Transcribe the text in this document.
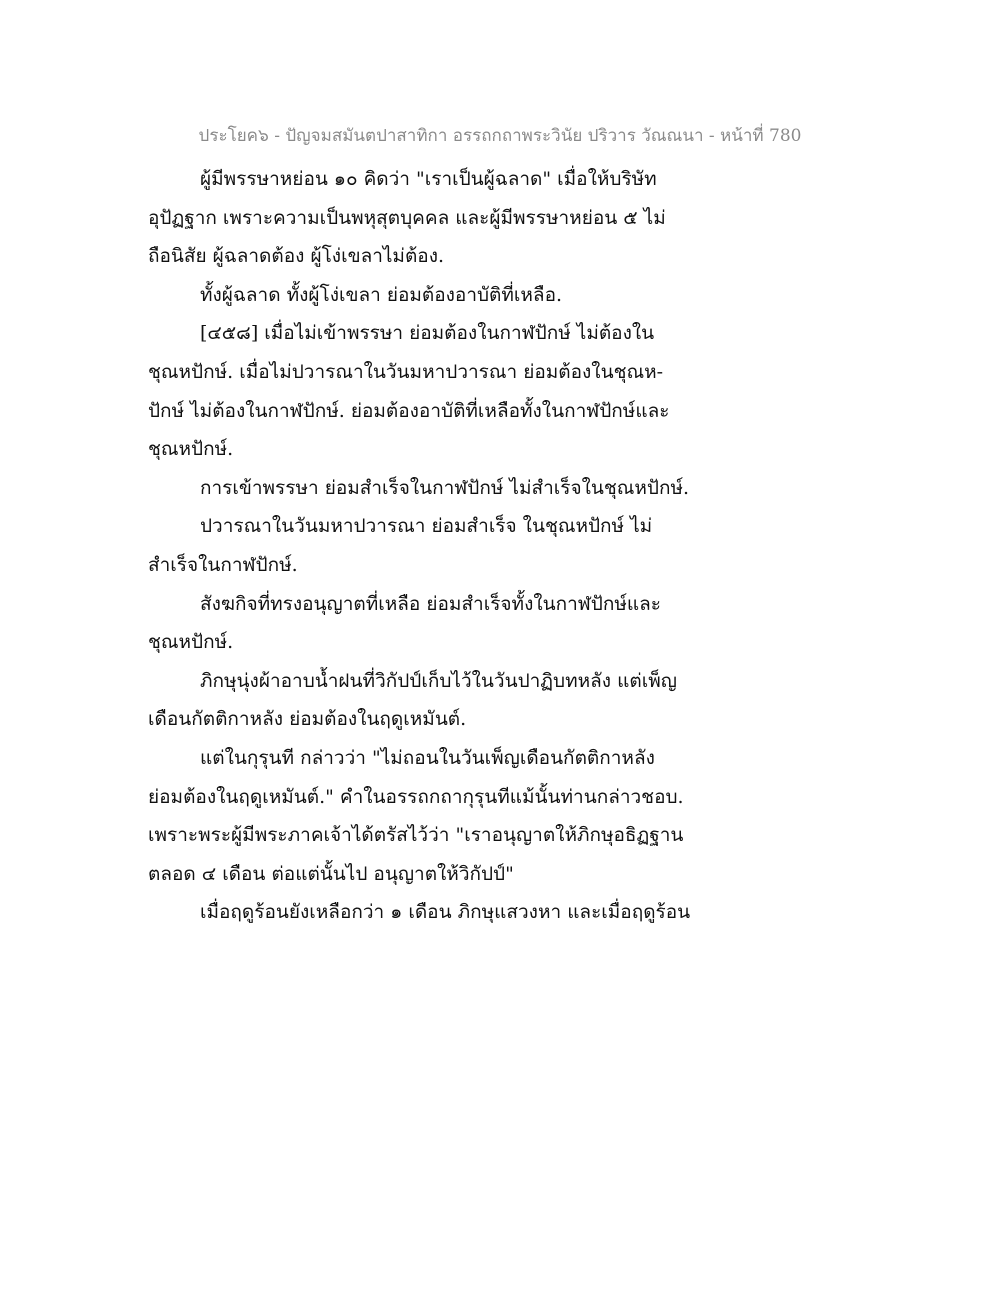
ประโยค๖ - ปัญจมสมันตปาสาทิกา อรรถกถาพระวินัย ปริวาร วัณณนา - หน้าที่ 780
ผู้มีพรรษาหย่อน ๑๐ คิดว่า "เราเป็นผู้ฉลาด" เมื่อให้บริษัท
อุปัฏฐาก เพราะความเป็นพหุสุตบุคคล และผู้มีพรรษาหย่อน ๕ ไม่
ถือนิสัย ผู้ฉลาดต้อง ผู้โง่เขลาไม่ต้อง.
ทั้งผู้ฉลาด ทั้งผู้โง่เขลา ย่อมต้องอาบัติที่เหลือ.
[๔๕๘] เมื่อไม่เข้าพรรษา ย่อมต้องในกาฬปักษ์ ไม่ต้องใน
ชุณหปักษ์. เมื่อไม่ปวารณาในวันมหาปวารณา ย่อมต้องในชุณห-
ปักษ์ ไม่ต้องในกาฬปักษ์. ย่อมต้องอาบัติที่เหลือทั้งในกาฬปักษ์และ
ชุณหปักษ์.
การเข้าพรรษา ย่อมสำเร็จในกาฬปักษ์ ไม่สำเร็จในชุณหปักษ์.
ปวารณาในวันมหาปวารณา ย่อมสำเร็จ ในชุณหปักษ์ ไม่
สำเร็จในกาฬปักษ์.
สังฆกิจที่ทรงอนุญาตที่เหลือ ย่อมสำเร็จทั้งในกาฬปักษ์และ
ชุณหปักษ์.
ภิกษุนุ่งผ้าอาบน้ำฝนที่วิกัปป์เก็บไว้ในวันปาฏิบทหลัง แต่เพ็ญ
เดือนกัตติกาหลัง ย่อมต้องในฤดูเหมันต์.
แต่ในกุรุนที กล่าวว่า "ไม่ถอนในวันเพ็ญเดือนกัตติกาหลัง
ย่อมต้องในฤดูเหมันต์." คำในอรรถกถากุรุนทีแม้นั้นท่านกล่าวชอบ.
เพราะพระผู้มีพระภาคเจ้าได้ตรัสไว้ว่า "เราอนุญาตให้ภิกษุอธิฏฐาน
ตลอด ๔ เดือน ต่อแต่นั้นไป อนุญาตให้วิกัปป์"
เมื่อฤดูร้อนยังเหลือกว่า ๑ เดือน ภิกษุแสวงหา และเมื่อฤดูร้อน
